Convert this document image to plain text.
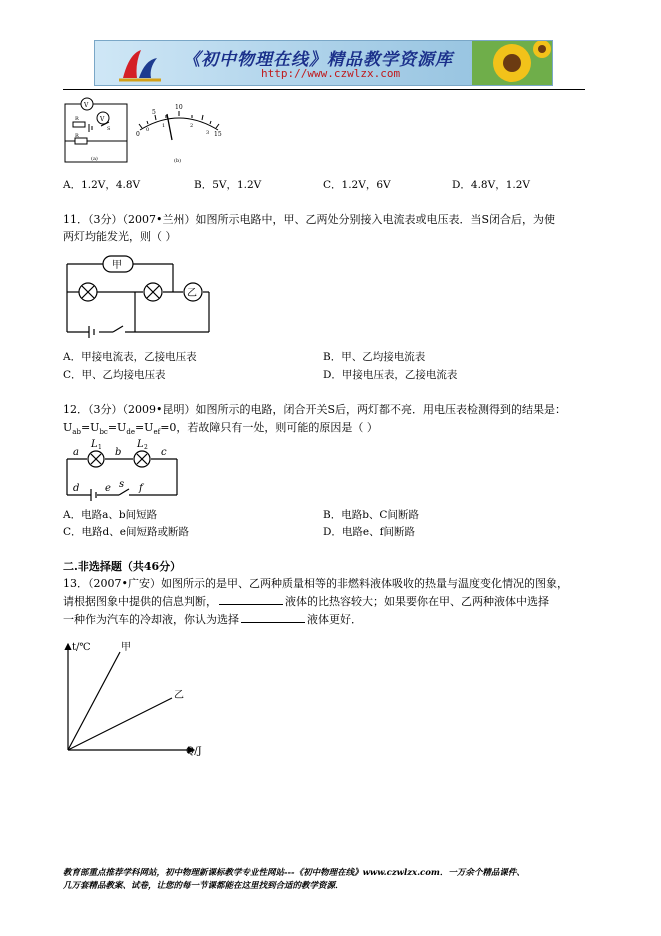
《初中物理在线》精品教学资源库
http://www.czwlzx.com
V
V
R
R
S
(a)
0
5
10
15
0
1	2
3
(b)
A．1.2V，4.8V	B．5V，1.2V	C．1.2V，6V	D．4.8V，1.2V
11．（3分）（2007•兰州）如图所示电路中，甲、乙两处分别接入电流表或电压表．当S闭合后，为使
两灯均能发光，则（ ）
甲
乙
A．甲接电流表，乙接电压表	B．甲、乙均接电流表
C．甲、乙均接电压表	D．甲接电压表，乙接电流表
12．（3分）（2009•昆明）如图所示的电路，闭合开关S后，两灯都不亮．用电压表检测得到的结果是：
$U_{ab}=U_{bc}=U_{de}=U_{ef}=0$，若故障只有一处，则可能的原因是（ ）
a	b	c
d	e s f
L	L
1	2
A．电路a、b间短路	B．电路b、C间断路
C．电路d、e间短路或断路	D．电路e、f间断路
二.非选择题（共46分）
13．（2007•广安）如图所示的是甲、乙两种质量相等的非燃料液体吸收的热量与温度变化情况的图象，
请根据图象中提供的信息判断，	液体的比热容较大；如果要你在甲、乙两种液体中选择
一种作为汽车的冷却液，你认为选择	液体更好．
t/℃
Q/J
甲
乙
教育部重点推荐学科网站，初中物理新课标教学专业性网站---《初中物理在线》www.czwlzx.com．一万余个精品课件、
几万套精品教案、试卷，让您的每一节课都能在这里找到合适的教学资源．
